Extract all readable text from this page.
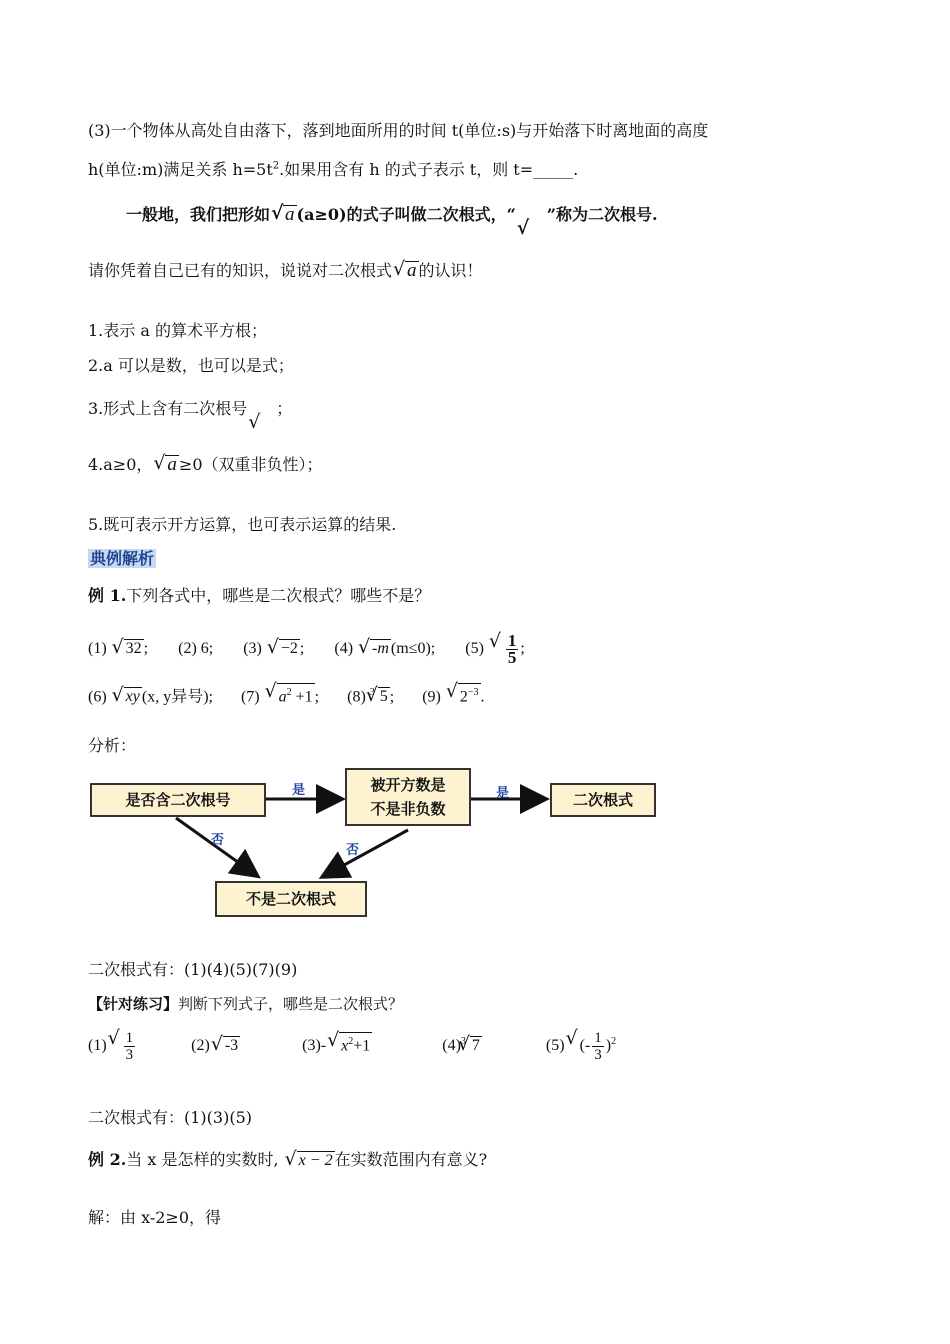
(3)一个物体从高处自由落下，落到地面所用的时间 t(单位:s)与开始落下时离地面的高度
h(单位:m)满足关系 $h=5t^2$.如果用含有 h 的式子表示 t，则 t=_____.
一般地，我们把形如√ a (a≥0)的式子叫做二次根式，“ ”称为二次根号.
请你凭着自己已有的知识，说说对二次根式√ a 的认识！
1.表示 a 的算术平方根；
2.a 可以是数，也可以是式；
3.形式上含有二次根号 ；
4.a≥0，√ a ≥0（双重非负性）；
5.既可表示开方运算，也可表示运算的结果.
典例解析
例 1.下列各式中，哪些是二次根式？哪些不是？
(1) √ 32 ; (2) 6; (3) √ −2 ; (4) √ -m (m≤0); (5)
√ $\frac{1}{5}$ ;
(6) √ xy (x, y异号); (7) √ $a^2 +1$ ; (8) $^3$√ 5 ; (9) √ $2^{-3}$ .
分析：
是否含二次根号
被开方数是
不是非负数	二次根式
不是二次根式
是	是
否
否
二次根式有：(1)(4)(5)(7)(9)
【针对练习】判断下列式子，哪些是二次根式？
(1)
√ $\frac{1}{3}$	(2)√ -3	(3)-√ $x^2+1$	$(4)^3√$ 7	(5)√ (- $\frac{1}{3} )^2$
二次根式有：(1)(3)(5)
例 2.当 x 是怎样的实数时, √ x − 2 在实数范围内有意义?
解：由 x-2≥0，得
